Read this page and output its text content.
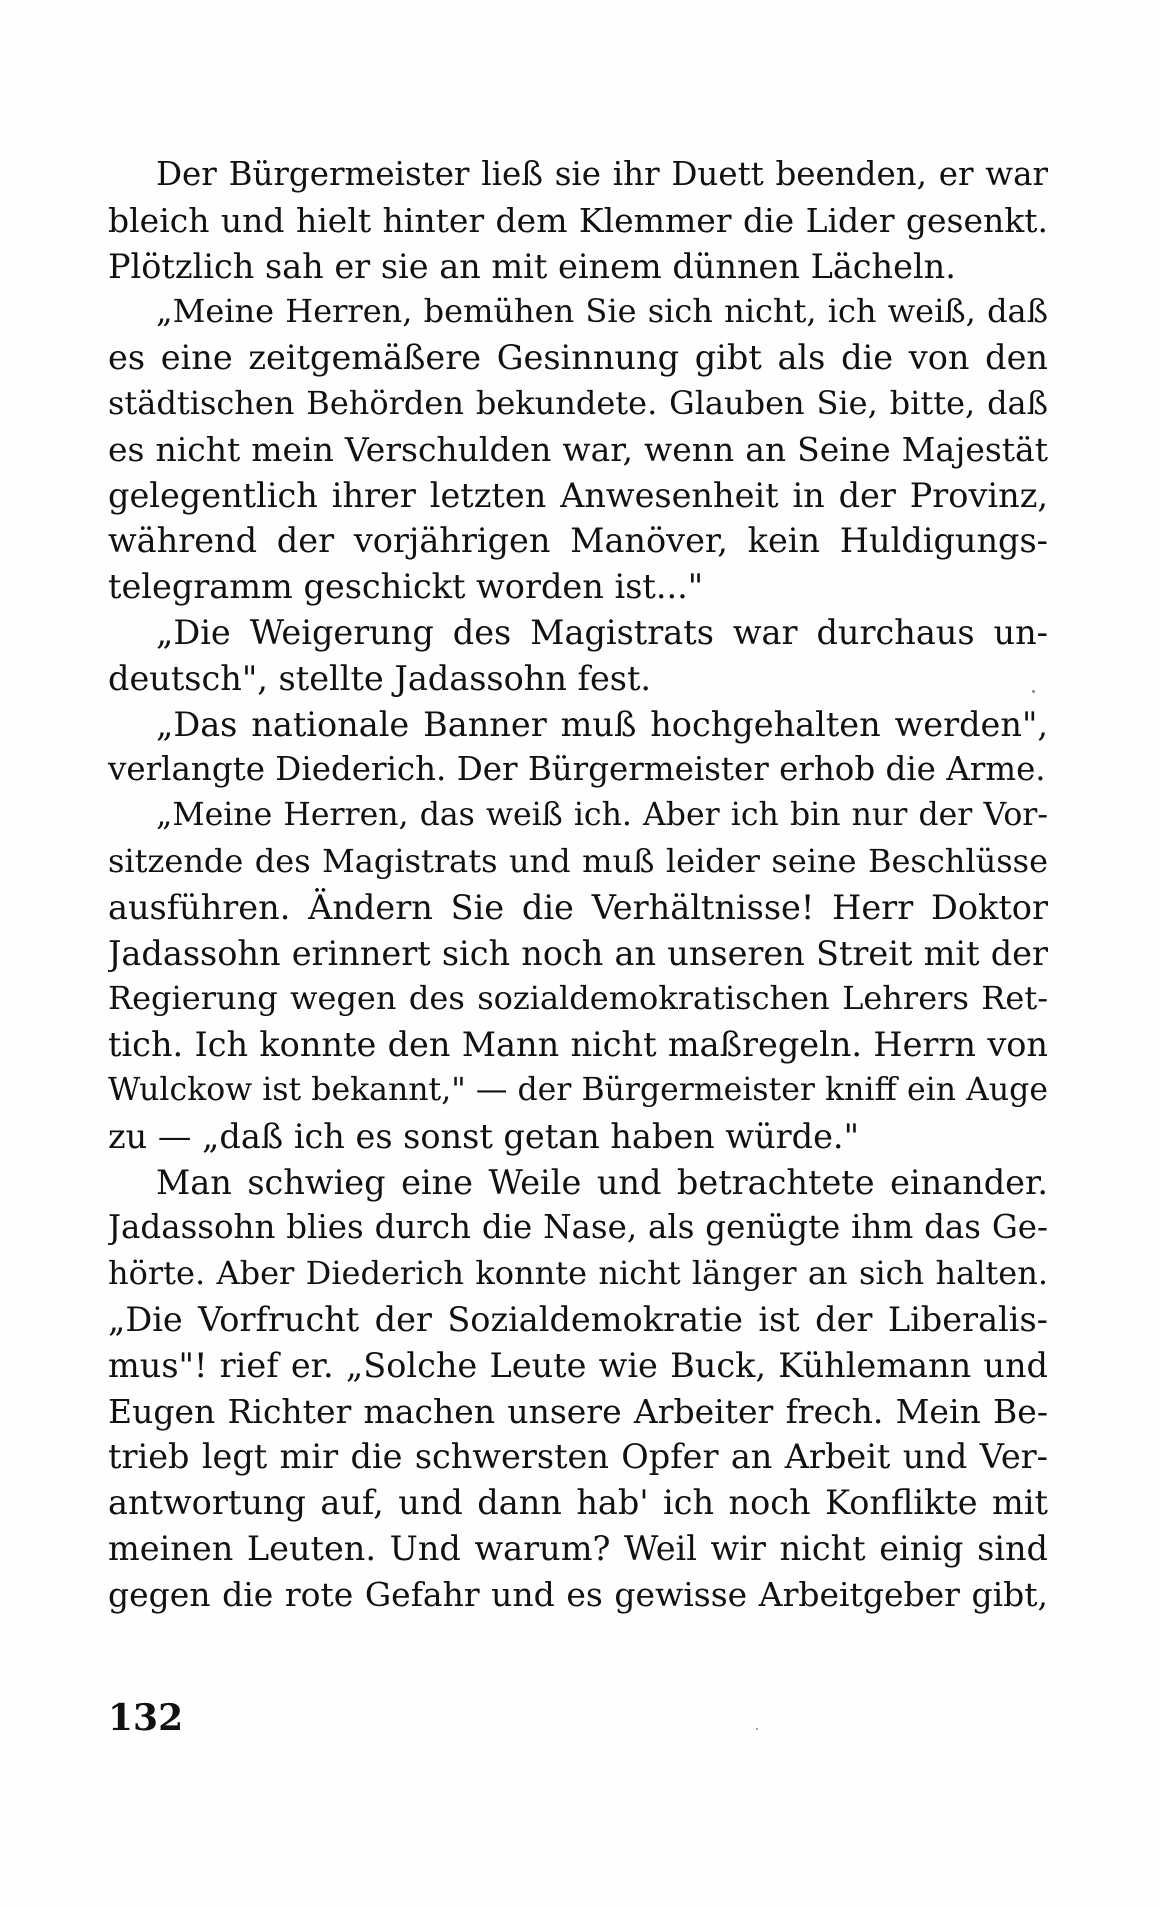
Der Bürgermeister ließ sie ihr Duett beenden, er war
bleich und hielt hinter dem Klemmer die Lider gesenkt.
Plötzlich sah er sie an mit einem dünnen Lächeln.
„Meine Herren, bemühen Sie sich nicht, ich weiß, daß
es eine zeitgemäßere Gesinnung gibt als die von den
städtischen Behörden bekundete. Glauben Sie, bitte, daß
es nicht mein Verschulden war, wenn an Seine Majestät
gelegentlich ihrer letzten Anwesenheit in der Provinz,
während der vorjährigen Manöver, kein Huldigungs-
telegramm geschickt worden ist..."
„Die Weigerung des Magistrats war durchaus un-
deutsch", stellte Jadassohn fest.
„Das nationale Banner muß hochgehalten werden",
verlangte Diederich. Der Bürgermeister erhob die Arme.
„Meine Herren, das weiß ich. Aber ich bin nur der Vor-
sitzende des Magistrats und muß leider seine Beschlüsse
ausführen. Ändern Sie die Verhältnisse! Herr Doktor
Jadassohn erinnert sich noch an unseren Streit mit der
Regierung wegen des sozialdemokratischen Lehrers Ret-
tich. Ich konnte den Mann nicht maßregeln. Herrn von
Wulckow ist bekannt," — der Bürgermeister kniff ein Auge
zu — „daß ich es sonst getan haben würde."
Man schwieg eine Weile und betrachtete einander.
Jadassohn blies durch die Nase, als genügte ihm das Ge-
hörte. Aber Diederich konnte nicht länger an sich halten.
„Die Vorfrucht der Sozialdemokratie ist der Liberalis-
mus"! rief er. „Solche Leute wie Buck, Kühlemann und
Eugen Richter machen unsere Arbeiter frech. Mein Be-
trieb legt mir die schwersten Opfer an Arbeit und Ver-
antwortung auf, und dann hab' ich noch Konflikte mit
meinen Leuten. Und warum? Weil wir nicht einig sind
gegen die rote Gefahr und es gewisse Arbeitgeber gibt,
132
